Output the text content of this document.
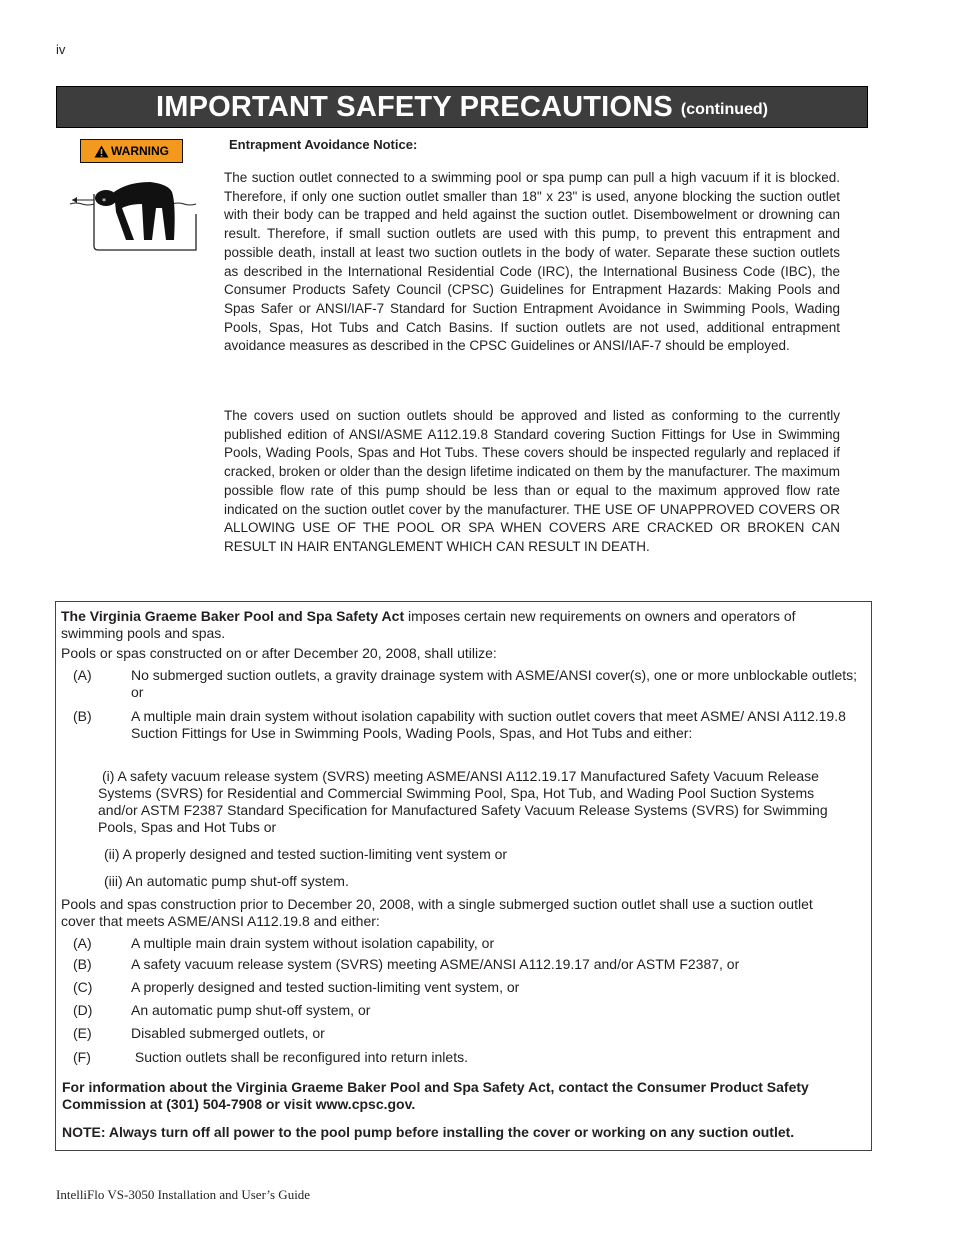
iv
IMPORTANT SAFETY PRECAUTIONS (continued)
WARNING
*
Entrapment Avoidance Notice:

The suction outlet connected to a swimming pool or spa pump can pull a high vacuum if it is blocked. Therefore, if only one suction outlet smaller than 18" x 23" is used, anyone blocking the suction outlet with their body can be trapped and held against the suction outlet. Disembowelment or drowning can result. Therefore, if small suction outlets are used with this pump, to prevent this entrapment and possible death, install at least two suction outlets in the body of water. Separate these suction outlets as described in the International Residential Code (IRC), the International Business Code (IBC), the Consumer Products Safety Council (CPSC) Guidelines for Entrapment Hazards: Making Pools and Spas Safer or ANSI/IAF-7 Standard for Suction Entrapment Avoidance in Swimming Pools, Wading Pools, Spas, Hot Tubs and Catch Basins. If suction outlets are not used, additional entrapment avoidance measures as described in the CPSC Guidelines or ANSI/IAF-7 should be employed.

The covers used on suction outlets should be approved and listed as conforming to the currently published edition of ANSI/ASME A112.19.8 Standard covering Suction Fittings for Use in Swimming Pools, Wading Pools, Spas and Hot Tubs. These covers should be inspected regularly and replaced if cracked, broken or older than the design lifetime indicated on them by the manufacturer. The maximum possible flow rate of this pump should be less than or equal to the maximum approved flow rate indicated on the suction outlet cover by the manufacturer. THE USE OF UNAPPROVED COVERS OR ALLOWING USE OF THE POOL OR SPA WHEN COVERS ARE CRACKED OR BROKEN CAN RESULT IN HAIR ENTANGLEMENT WHICH CAN RESULT IN DEATH.

The Virginia Graeme Baker Pool and Spa Safety Act imposes certain new requirements on owners and operators of swimming pools and spas.

Pools or spas constructed on or after December 20, 2008, shall utilize:

(A)	No submerged suction outlets, a gravity drainage system with ASME/ANSI cover(s), one or more unblockable outlets; or

(B)	A multiple main drain system without isolation capability with suction outlet covers that meet ASME/ ANSI A112.19.8 Suction Fittings for Use in Swimming Pools, Wading Pools, Spas, and Hot Tubs and either:

(i) A safety vacuum release system (SVRS) meeting ASME/ANSI A112.19.17 Manufactured Safety Vacuum Release Systems (SVRS) for Residential and Commercial Swimming Pool, Spa, Hot Tub, and Wading Pool Suction Systems and/or ASTM F2387 Standard Specification for Manufactured Safety Vacuum Release Systems (SVRS) for Swimming Pools, Spas and Hot Tubs or

(ii) A properly designed and tested suction-limiting vent system or

(iii) An automatic pump shut-off system.

Pools and spas construction prior to December 20, 2008, with a single submerged suction outlet shall use a suction outlet cover that meets ASME/ANSI A112.19.8 and either:

(A)	A multiple main drain system without isolation capability, or

(B)	A safety vacuum release system (SVRS) meeting ASME/ANSI A112.19.17 and/or ASTM F2387, or

(C)	A properly designed and tested suction-limiting vent system, or

(D)	An automatic pump shut-off system, or

(E)	Disabled submerged outlets, or

(F)	Suction outlets shall be reconfigured into return inlets.

For information about the Virginia Graeme Baker Pool and Spa Safety Act, contact the Consumer Product Safety Commission at (301) 504-7908 or visit www.cpsc.gov.

NOTE: Always turn off all power to the pool pump before installing the cover or working on any suction outlet.

IntelliFlo VS-3050 Installation and User’s Guide
